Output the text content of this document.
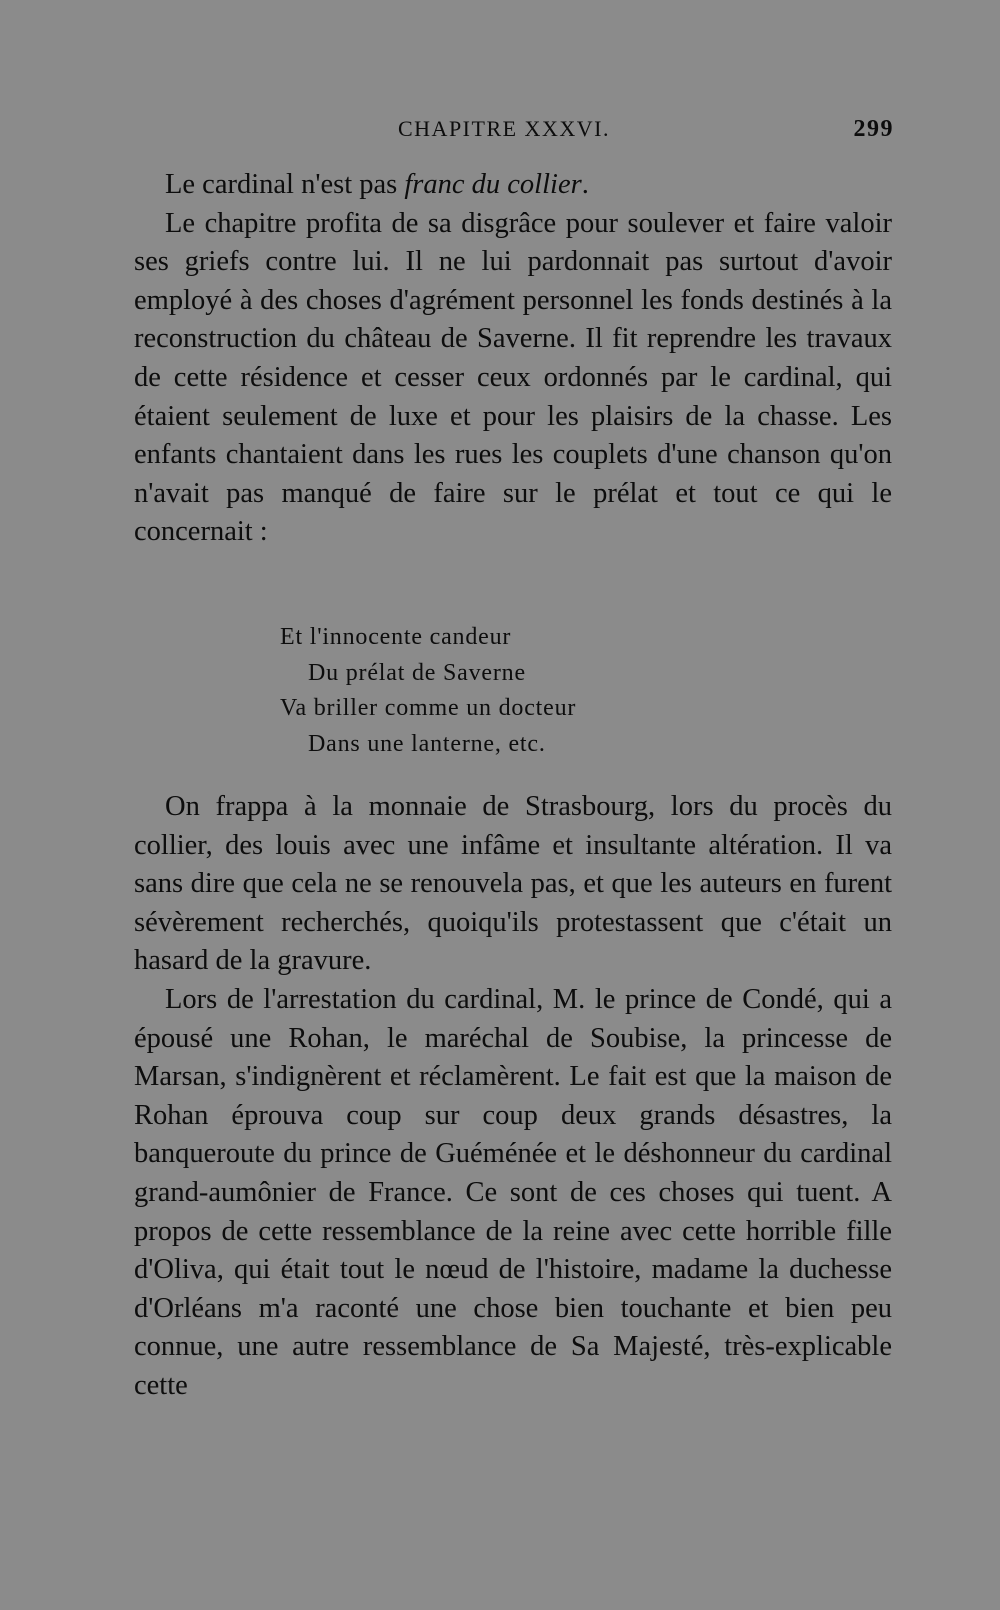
CHAPITRE XXXVI.	299

Le cardinal n'est pas franc du collier.

Le chapitre profita de sa disgrâce pour soulever et faire valoir ses griefs contre lui. Il ne lui pardonnait pas surtout d'avoir employé à des choses d'agrément personnel les fonds destinés à la reconstruction du château de Saverne. Il fit reprendre les travaux de cette résidence et cesser ceux ordonnés par le cardinal, qui étaient seulement de luxe et pour les plaisirs de la chasse. Les enfants chantaient dans les rues les couplets d'une chanson qu'on n'avait pas manqué de faire sur le prélat et tout ce qui le concernait :

Et l'innocente candeur
Du prélat de Saverne
Va briller comme un docteur
Dans une lanterne, etc.

On frappa à la monnaie de Strasbourg, lors du procès du collier, des louis avec une infâme et insultante altération. Il va sans dire que cela ne se renouvela pas, et que les auteurs en furent sévèrement recherchés, quoiqu'ils protestassent que c'était un hasard de la gravure.

Lors de l'arrestation du cardinal, M. le prince de Condé, qui a épousé une Rohan, le maréchal de Soubise, la princesse de Marsan, s'indignèrent et réclamèrent. Le fait est que la maison de Rohan éprouva coup sur coup deux grands désastres, la banqueroute du prince de Guéménée et le déshonneur du cardinal grand-aumônier de France. Ce sont de ces choses qui tuent. A propos de cette ressemblance de la reine avec cette horrible fille d'Oliva, qui était tout le nœud de l'histoire, madame la duchesse d'Orléans m'a raconté une chose bien touchante et bien peu connue, une autre ressemblance de Sa Majesté, très-explicable cette
